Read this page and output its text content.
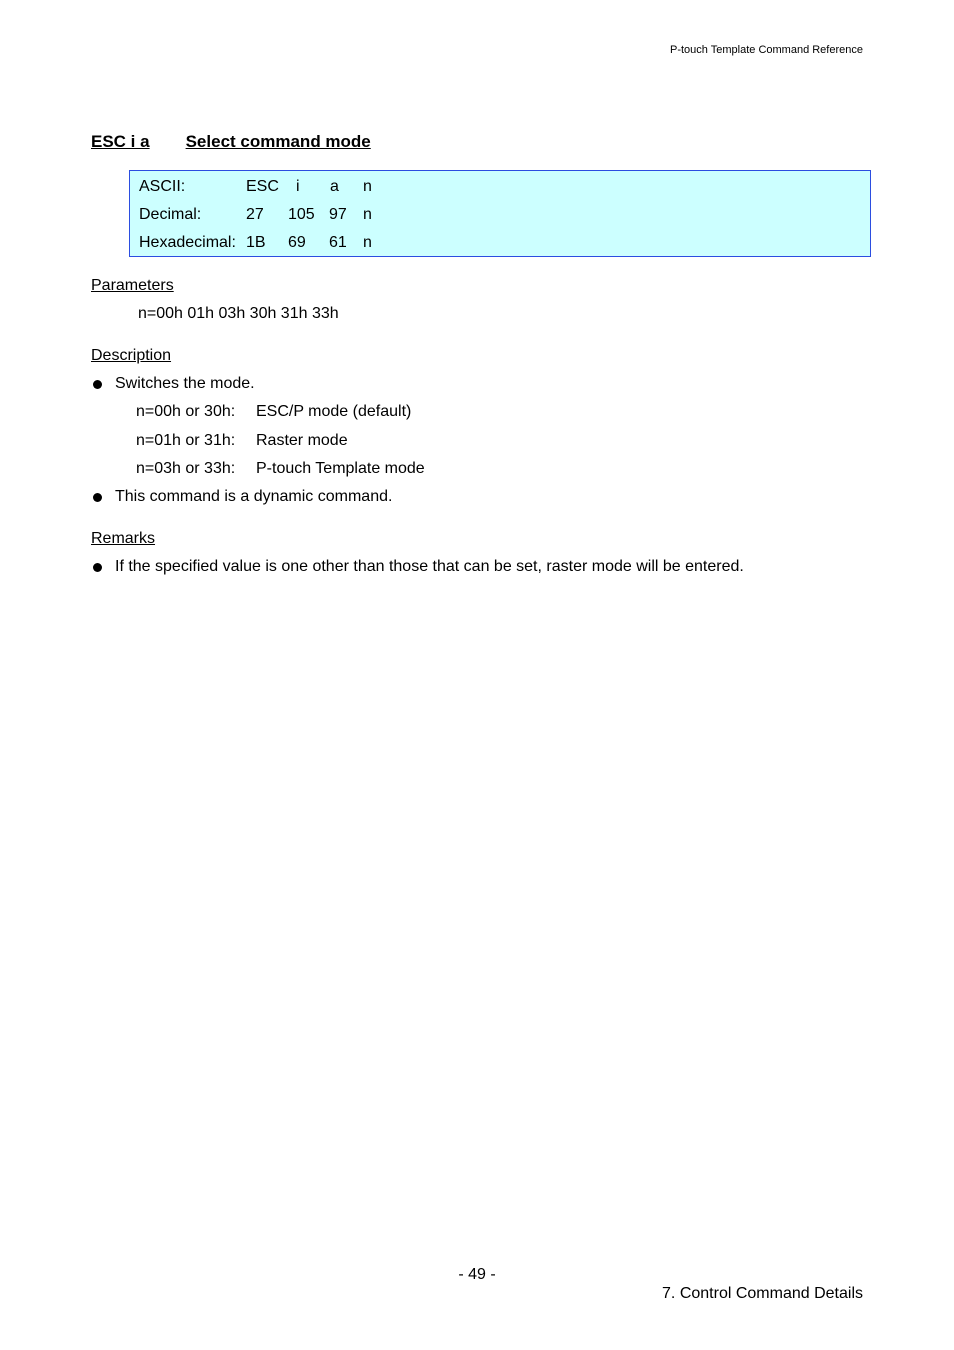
P-touch Template Command Reference
ESC i a Select command mode
ASCII:	ESC i a n
Decimal:	27 105 97 n
Hexadecimal: 1B 69 61 n
Parameters
n=00h 01h 03h 30h 31h 33h
Description
Switches the mode.
n=00h or 30h: ESC/P mode (default)
n=01h or 31h: Raster mode
n=03h or 33h: P-touch Template mode
This command is a dynamic command.
Remarks
If the specified value is one other than those that can be set, raster mode will be entered.
- 49 -
7. Control Command Details
